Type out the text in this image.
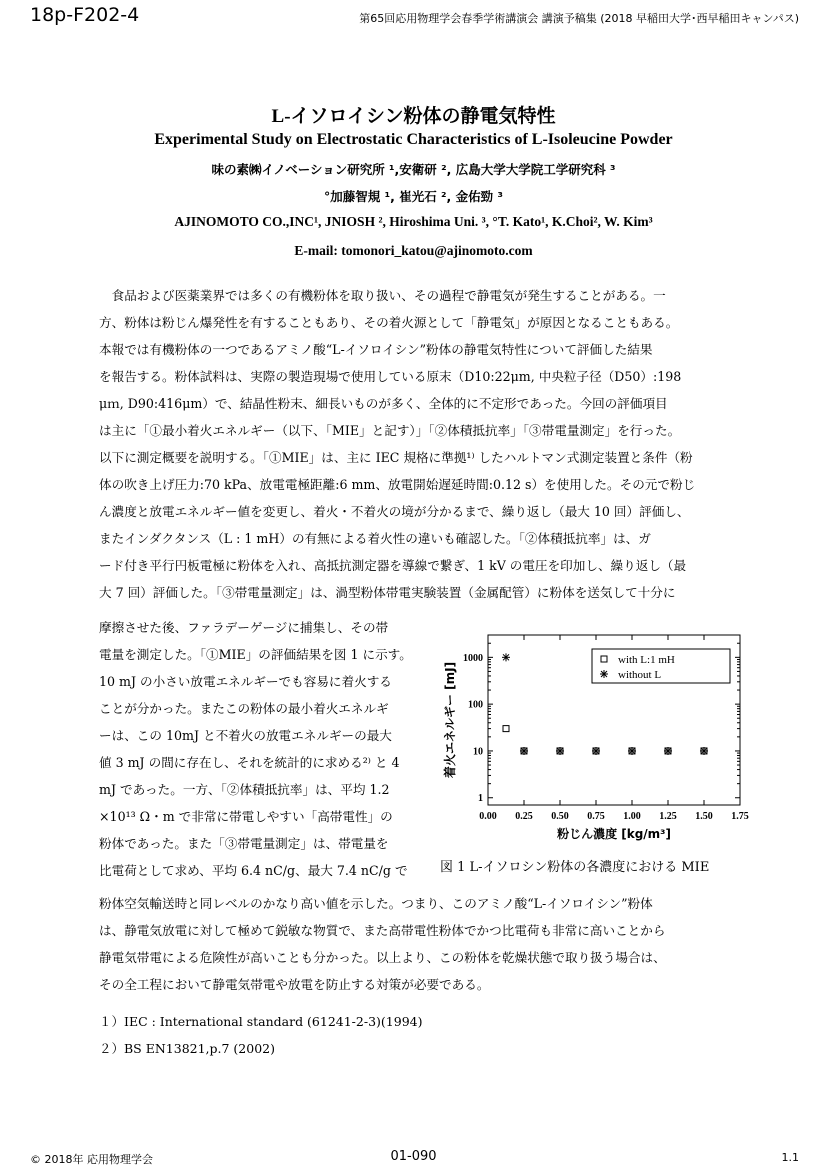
18p-F202-4	第65回応用物理学会春季学術講演会 講演予稿集 (2018 早稲田大学･西早稲田キャンパス)
L-イソロイシン粉体の静電気特性
Experimental Study on Electrostatic Characteristics of L-Isoleucine Powder
味の素㈱イノベーション研究所 ¹,安衛研 ², 広島大学大学院工学研究科 ³
°加藤智規 ¹, 崔光石 ², 金佑勁 ³
AJINOMOTO CO.,INC¹, JNIOSH ², Hiroshima Uni. ³, °T. Kato¹, K.Choi², W. Kim³
E-mail: tomonori_katou@ajinomoto.com
　食品および医薬業界では多くの有機粉体を取り扱い、その過程で静電気が発生することがある。一
方、粉体は粉じん爆発性を有することもあり、その着火源として「静電気」が原因となることもある。
本報では有機粉体の一つであるアミノ酸“L-イソロイシン”粉体の静電気特性について評価した結果
を報告する。粉体試料は、実際の製造現場で使用している原末（D10:22μm, 中央粒子径（D50）:198
μｍ, D90:416μm）で、結晶性粉末、細長いものが多く、全体的に不定形であった。今回の評価項目
は主に「①最小着火エネルギー（以下、「MIE」と記す）」「②体積抵抗率」「③帯電量測定」を行った。
以下に測定概要を説明する。「①MIE」は、主に IEC 規格に準拠¹⁾ したハルトマン式測定装置と条件（粉
体の吹き上げ圧力:70 kPa、放電電極距離:6 mm、放電開始遅延時間:0.12 s）を使用した。その元で粉じ
ん濃度と放電エネルギー値を変更し、着火・不着火の境が分かるまで、繰り返し（最大 10 回）評価し、
またインダクタンス（L : 1 mH）の有無による着火性の違いも確認した。「②体積抵抗率」は、ガ
ード付き平行円板電極に粉体を入れ、高抵抗測定器を導線で繋ぎ、1 kV の電圧を印加し、繰り返し（最
大 7 回）評価した。「③帯電量測定」は、渦型粉体帯電実験装置（金属配管）に粉体を送気して十分に
摩擦させた後、ファラデーゲージに捕集し、その帯
電量を測定した。「①MIE」の評価結果を図 1 に示す。
10 mJ の小さい放電エネルギーでも容易に着火する
ことが分かった。またこの粉体の最小着火エネルギ
ーは、この 10mJ と不着火の放電エネルギーの最大
値 3 mJ の間に存在し、それを統計的に求める²⁾ と 4
mJ であった。一方、「②体積抵抗率」は、平均 1.2
×10¹³ Ω・m で非常に帯電しやすい「高帯電性」の
粉体であった。また「③帯電量測定」は、帯電量を
比電荷として求め、平均 6.4 nC/g、最大 7.4 nC/g で
粉体空気輸送時と同レベルのかなり高い値を示した。つまり、このアミノ酸“L-イソロイシン”粉体
は、静電気放電に対して極めて鋭敏な物質で、また高帯電性粉体でかつ比電荷も非常に高いことから
静電気帯電による危険性が高いことも分かった。以上より、この粉体を乾燥状態で取り扱う場合は、
その全工程において静電気帯電や放電を防止する対策が必要である。
１）IEC : International standard (61241-2-3)(1994)
２）BS EN13821,p.7 (2002)
0.00 0.25 0.50 0.75 1.00 1.25 1.50 1.75
1
10
100
1000
粉じん濃度 [kg/m³]
着火エネルギー [mJ]
with L:1 mH
without L
図 1 L-イソロシン粉体の各濃度における MIE
© 2018年 応用物理学会	01-090	1.1
